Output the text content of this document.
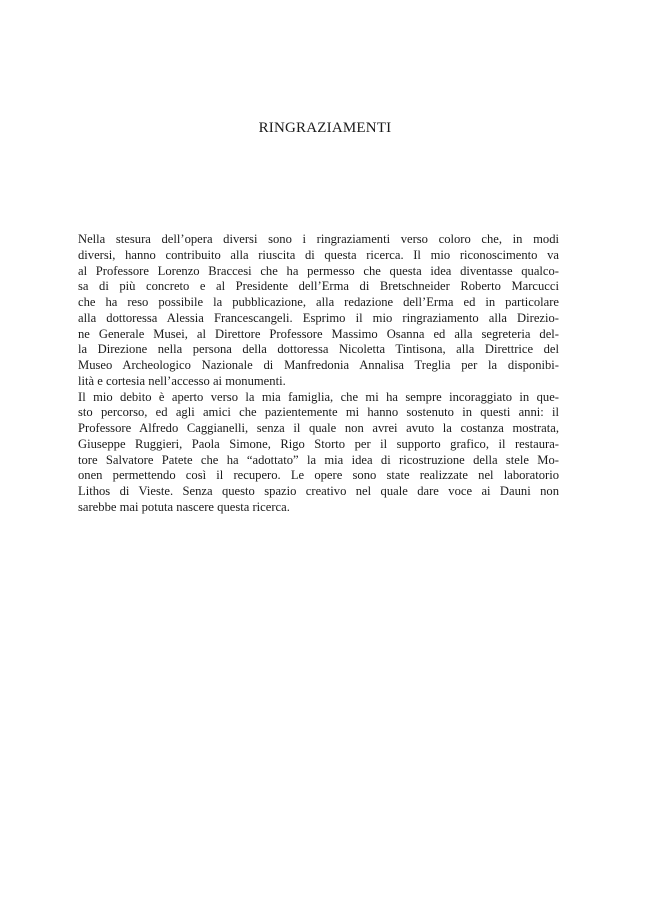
RINGRAZIAMENTI
Nella stesura dell’opera diversi sono i ringraziamenti verso coloro che, in modi
diversi, hanno contribuito alla riuscita di questa ricerca. Il mio riconoscimento va
al Professore Lorenzo Braccesi che ha permesso che questa idea diventasse qualco-
sa di più concreto e al Presidente dell’Erma di Bretschneider Roberto Marcucci
che ha reso possibile la pubblicazione, alla redazione dell’Erma ed in particolare
alla dottoressa Alessia Francescangeli. Esprimo il mio ringraziamento alla Direzio-
ne Generale Musei, al Direttore Professore Massimo Osanna ed alla segreteria del-
la Direzione nella persona della dottoressa Nicoletta Tintisona, alla Direttrice del
Museo Archeologico Nazionale di Manfredonia Annalisa Treglia per la disponibi-
lità e cortesia nell’accesso ai monumenti.
Il mio debito è aperto verso la mia famiglia, che mi ha sempre incoraggiato in que-
sto percorso, ed agli amici che pazientemente mi hanno sostenuto in questi anni: il
Professore Alfredo Caggianelli, senza il quale non avrei avuto la costanza mostrata,
Giuseppe Ruggieri, Paola Simone, Rigo Storto per il supporto grafico, il restaura-
tore Salvatore Patete che ha “adottato” la mia idea di ricostruzione della stele Mo-
onen permettendo così il recupero. Le opere sono state realizzate nel laboratorio
Lithos di Vieste. Senza questo spazio creativo nel quale dare voce ai Dauni non
sarebbe mai potuta nascere questa ricerca.
